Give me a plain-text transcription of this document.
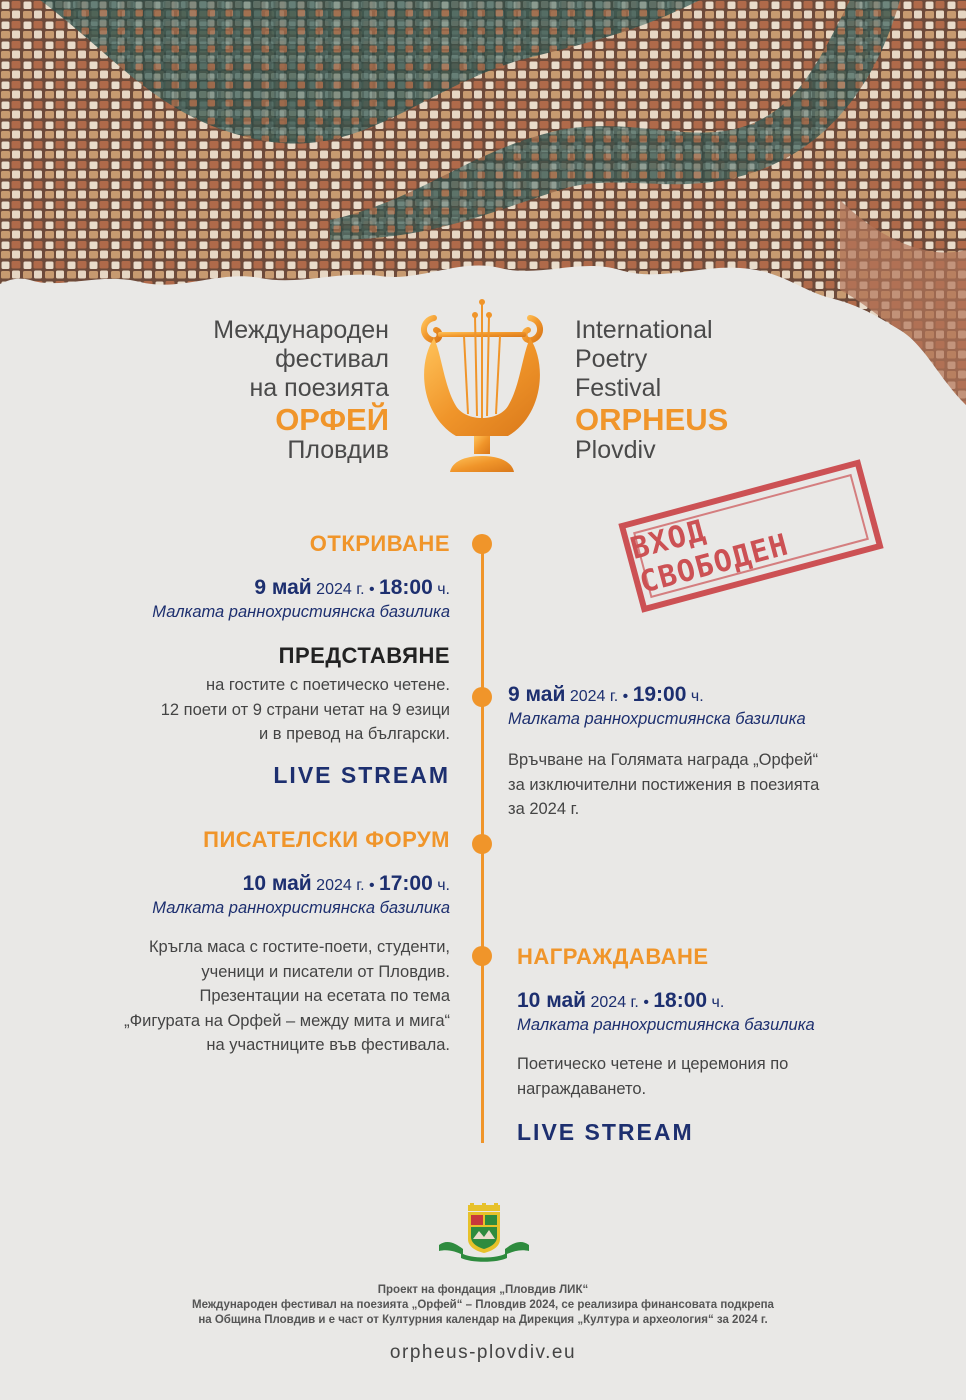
Международен
фестивал
на поезията
ОРФЕЙ
Пловдив
International
Poetry
Festival
ORPHEUS
Plovdiv
ВХОД СВОБОДЕН
ОТКРИВАНЕ
9 май 2024 г. • 18:00 ч.
Малката раннохристиянска базилика
ПРЕДСТАВЯНЕ
на гостите с поетическо четене.
12 поети от 9 страни четат на 9 езици
и в превод на български.
LIVE STREAM
9 май 2024 г. • 19:00 ч.
Малката раннохристиянска базилика
Връчване на Голямата награда „Орфей“
за изключителни постижения в поезията
за 2024 г.
ПИСАТЕЛСКИ ФОРУМ
10 май 2024 г. • 17:00 ч.
Малката раннохристиянска базилика
Кръгла маса с гостите-поети, студенти,
ученици и писатели от Пловдив.
Презентации на есетата по тема
„Фигурата на Орфей – между мита и мига“
на участниците във фестивала.
НАГРАЖДАВАНЕ
10 май 2024 г. • 18:00 ч.
Малката раннохристиянска базилика
Поетическо четене и церемония по
награждаването.
LIVE STREAM
Проект на фондация „Пловдив ЛИК“
Международен фестивал на поезията „Орфей“ – Пловдив 2024, се реализира финансовата подкрепа
на Община Пловдив и е част от Културния календар на Дирекция „Култура и археология“ за 2024 г.
orpheus-plovdiv.eu
